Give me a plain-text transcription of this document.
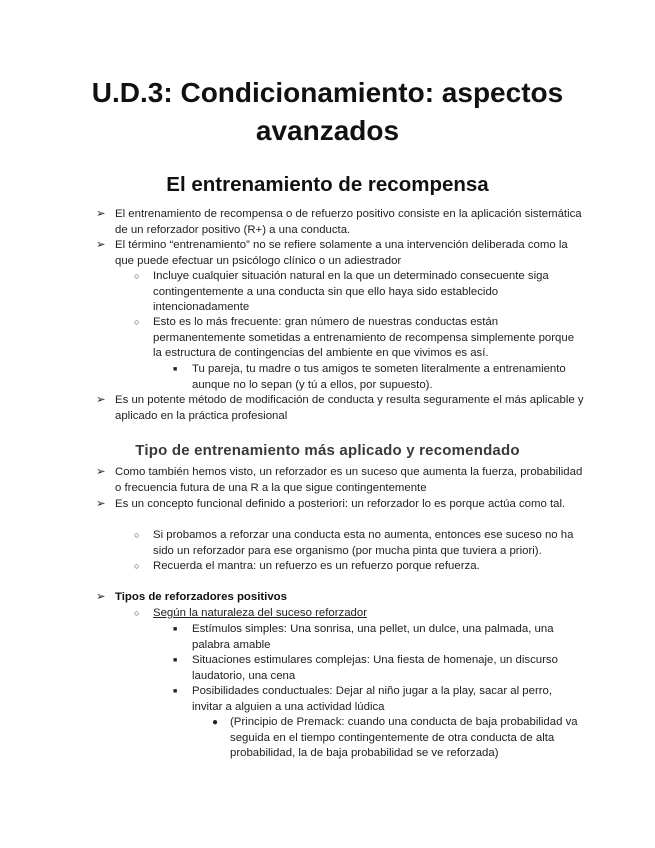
U.D.3: Condicionamiento: aspectos avanzados
El entrenamiento de recompensa
➢ El entrenamiento de recompensa o de refuerzo positivo consiste en la aplicación sistemática de un reforzador positivo (R+) a una conducta.
➢ El término “entrenamiento” no se refiere solamente a una intervención deliberada como la que puede efectuar un psicólogo clínico o un adiestrador
○ Incluye cualquier situación natural en la que un determinado consecuente siga contingentemente a una conducta sin que ello haya sido establecido intencionadamente
○ Esto es lo más frecuente: gran número de nuestras conductas están permanentemente sometidas a entrenamiento de recompensa simplemente porque la estructura de contingencias del ambiente en que vivimos es así.
■ Tu pareja, tu madre o tus amigos te someten literalmente a entrenamiento aunque no lo sepan (y tú a ellos, por supuesto).
➢ Es un potente método de modificación de conducta y resulta seguramente el más aplicable y aplicado en la práctica profesional
Tipo de entrenamiento más aplicado y recomendado
➢ Como también hemos visto, un reforzador es un suceso que aumenta la fuerza, probabilidad o frecuencia futura de una R a la que sigue contingentemente
➢ Es un concepto funcional definido a posteriori: un reforzador lo es porque actúa como tal.
○ Si probamos a reforzar una conducta esta no aumenta, entonces ese suceso no ha sido un reforzador para ese organismo (por mucha pinta que tuviera a priori).
○ Recuerda el mantra: un refuerzo es un refuerzo porque refuerza.
➢ Tipos de reforzadores positivos
○ Según la naturaleza del suceso reforzador
■ Estímulos simples: Una sonrisa, una pellet, un dulce, una palmada, una palabra amable
■ Situaciones estimulares complejas: Una fiesta de homenaje, un discurso laudatorio, una cena
■ Posibilidades conductuales: Dejar al niño jugar a la play, sacar al perro, invitar a alguien a una actividad lúdica
● (Principio de Premack: cuando una conducta de baja probabilidad va seguida en el tiempo contingentemente de otra conducta de alta probabilidad, la de baja probabilidad se ve reforzada)
